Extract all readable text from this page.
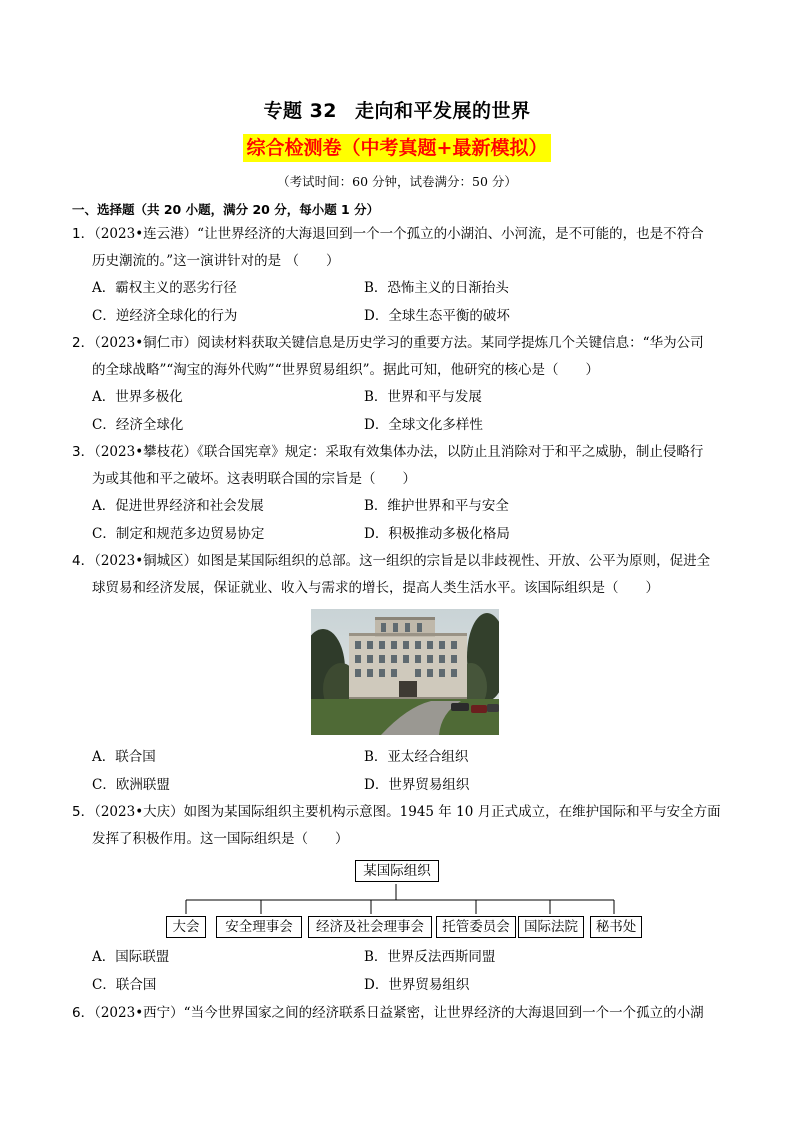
专题 32 走向和平发展的世界
综合检测卷（中考真题+最新模拟）
（考试时间：60 分钟，试卷满分：50 分）
一、选择题（共 20 小题，满分 20 分，每小题 1 分）
1．（2023•连云港）“让世界经济的大海退回到一个一个孤立的小湖泊、小河流，是不可能的，也是不符合
历史潮流的。”这一演讲针对的是 （　　）
A．霸权主义的恶劣行径	B．恐怖主义的日渐抬头
C．逆经济全球化的行为	D．全球生态平衡的破坏
2．（2023•铜仁市）阅读材料获取关键信息是历史学习的重要方法。某同学提炼几个关键信息：“华为公司
的全球战略”“淘宝的海外代购”“世界贸易组织”。据此可知，他研究的核心是（　　）
A．世界多极化	B．世界和平与发展
C．经济全球化	D．全球文化多样性
3．（2023•攀枝花）《联合国宪章》规定：采取有效集体办法，以防止且消除对于和平之威胁，制止侵略行
为或其他和平之破坏。这表明联合国的宗旨是（　　）
A．促进世界经济和社会发展	B．维护世界和平与安全
C．制定和规范多边贸易协定	D．积极推动多极化格局
4．（2023•铜城区）如图是某国际组织的总部。这一组织的宗旨是以非歧视性、开放、公平为原则，促进全
球贸易和经济发展，保证就业、收入与需求的增长，提高人类生活水平。该国际组织是（　　）
A．联合国	B．亚太经合组织
C．欧洲联盟	D．世界贸易组织
5．（2023•大庆）如图为某国际组织主要机构示意图。1945 年 10 月正式成立，在维护国际和平与安全方面
发挥了积极作用。这一国际组织是（　　）
某国际组织
大会	安全理事会	经济及社会理事会	托管委员会	国际法院	秘书处
A．国际联盟	B．世界反法西斯同盟
C．联合国	D．世界贸易组织
6．（2023•西宁）“当今世界国家之间的经济联系日益紧密，让世界经济的大海退回到一个一个孤立的小湖
